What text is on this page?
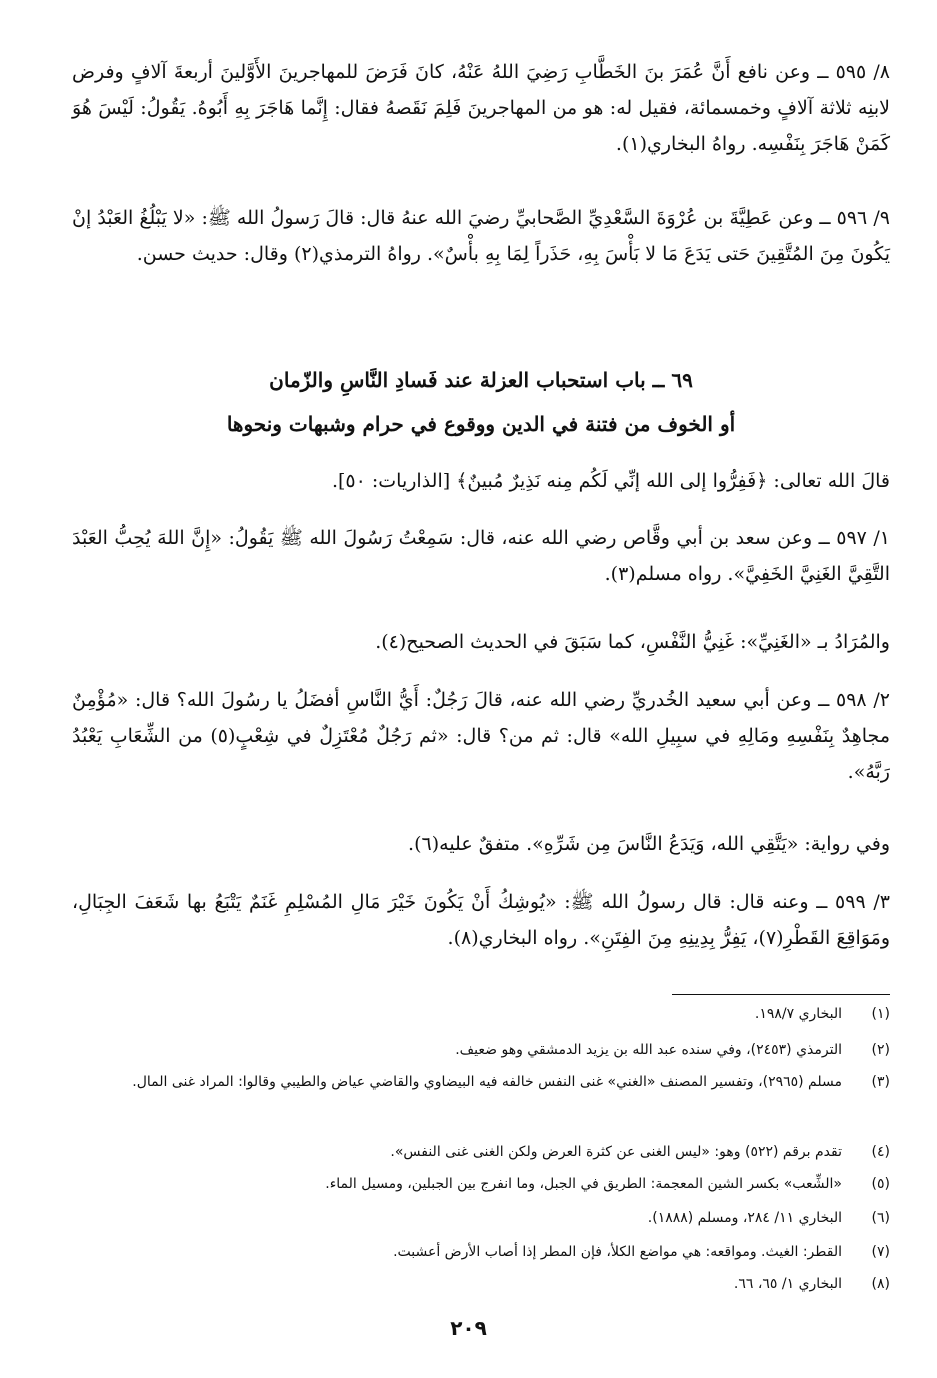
٨/ ٥٩٥ ــ وعن نافع أَنَّ عُمَرَ بنَ الخَطَّابِ رَضِيَ اللهُ عَنْهُ، كانَ فَرَضَ للمهاجرينَ الأَوَّلينَ أربعةَ آلافٍ وفرض لابنِه ثلاثة آلافٍ وخمسمائة، فقيل له: هو من المهاجرينَ فَلِمَ نَقَصهُ فقال: إِنَّما هَاجَرَ بِهِ أَبُوهُ. يَقُولُ: لَيْسَ هُوَ كَمَنْ هَاجَرَ بِنَفْسِه. رواهُ البخاري(١).

٩/ ٥٩٦ ــ وعن عَطِيَّةَ بن عُرْوَةَ السَّعْدِيِّ الصَّحابيِّ رضيَ الله عنهُ قال: قالَ رَسولُ الله ﷺ: «لا يَبْلُغُ العَبْدُ إنْ يَكُونَ مِنَ المُتَّقِينَ حَتى يَدَعَ مَا لا بَأْسَ بِهِ، حَذَراً لِمَا بِهِ بأْسٌ». رواهُ الترمذي(٢) وقال: حديث حسن.

٦٩ ــ باب استحباب العزلة عند فَسادِ النَّاسِ والزّمان

أو الخوف من فتنة في الدين ووقوع في حرام وشبهات ونحوها

قالَ الله تعالى: ﴿فَفِرُّوا إلى الله إنِّي لَكُم مِنه نَذِيرٌ مُبينٌ﴾ [الذاريات: ٥٠].

١/ ٥٩٧ ــ وعن سعد بن أبي وقَّاص رضي الله عنه، قال: سَمِعْتُ رَسُولَ الله ﷺ يَقُولُ: «إِنَّ اللهَ يُحِبُّ العَبْدَ التَّقِيَّ الغَنِيَّ الخَفِيَّ». رواه مسلم(٣).

والمُرَادُ بـ «الغَنِيِّ»: غَنِيُّ النَّفْسِ، كما سَبَقَ في الحديث الصحيح(٤).

٢/ ٥٩٨ ــ وعن أبي سعيد الخُدريِّ رضي الله عنه، قالَ رَجُلٌ: أَيُّ النَّاسِ أفضَلُ يا رسُولَ الله؟ قال: «مُؤْمِنٌ مجاهِدٌ بِنَفْسِهِ ومَالِهِ في سبِيلِ الله» قال: ثم من؟ قال: «ثم رَجُلٌ مُعْتَزِلٌ في شِعْبٍ(٥) من الشِّعَابِ يَعْبُدُ رَبَّهُ».

وفي رواية: «يَتَّقِي الله، وَيَدَعُ النَّاسَ مِن شَرِّهِ». متفقٌ عليه(٦).

٣/ ٥٩٩ ــ وعنه قال: قال رسولُ الله ﷺ: «يُوشِكُ أَنْ يَكُونَ خَيْرَ مَالِ المُسْلِمِ غَنَمٌ يَتْبَعُ بها شَعَفَ الجِبَالِ، ومَوَاقِعَ القَطْرِ(٧)، يَفِرُّ بِدِينِهِ مِنَ الفِتَنِ». رواه البخاري(٨).

(١)
البخاري ١٩٨/٧.
(٢)
الترمذي (٢٤٥٣)، وفي سنده عبد الله بن يزيد الدمشقي وهو ضعيف.
(٣)
مسلم (٢٩٦٥)، وتفسير المصنف «الغني» غنى النفس خالفه فيه البيضاوي والقاضي عياض والطيبي وقالوا: المراد غنى المال.
(٤)
تقدم برقم (٥٢٢) وهو: «ليس الغنى عن كثرة العرض ولكن الغنى غنى النفس».
(٥)
«الشِّعب» بكسر الشين المعجمة: الطريق في الجبل، وما انفرج بين الجبلين، ومسيل الماء.
(٦)
البخاري ١١/ ٢٨٤، ومسلم (١٨٨٨).
(٧)
القطر: الغيث. ومواقعه: هي مواضع الكلأ، فإن المطر إذا أصاب الأرض أعشبت.
(٨)
البخاري ١/ ٦٥، ٦٦.
٢٠٩
